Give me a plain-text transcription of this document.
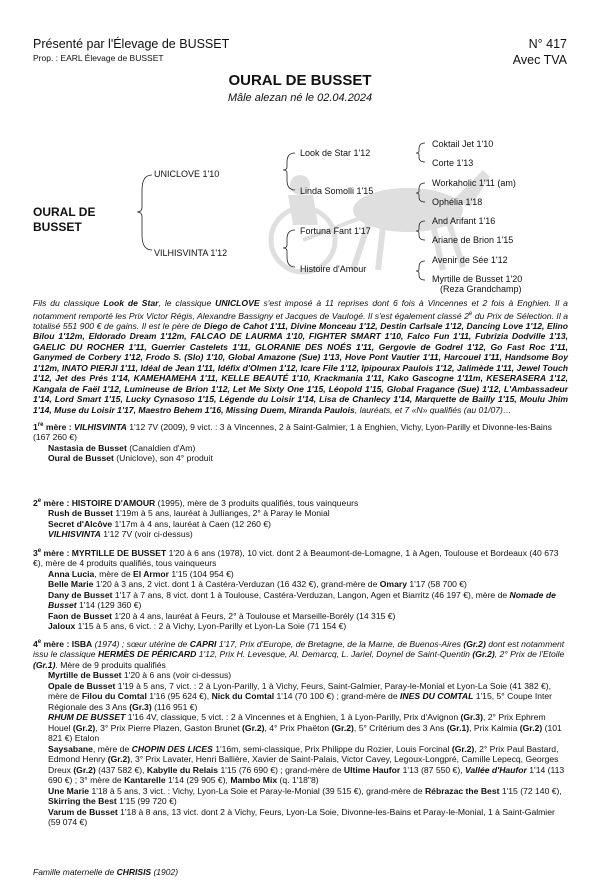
Présenté par l'Élevage de BUSSET
Prop. : EARL Élevage de BUSSET
N° 417
Avec TVA
OURAL DE BUSSET
Mâle alezan né le 02.04.2024
OURAL DE
BUSSET
UNICLOVE 1'10
VILHISVINTA 1'12
Look de Star 1'12
Linda Somolli 1'15
Fortuna Fant 1'17
Histoire d'Amour
Coktail Jet 1'10
Corte 1'13
Workaholic 1'11 (am)
Ophélia 1'18
And Arifant 1'16
Ariane de Brion 1'15
Avenir de Sée 1'12
Myrtille de Busset 1'20
(Reza Grandchamp)
Fils du classique Look de Star, le classique UNICLOVE s'est imposé à 11 reprises dont 6 fois à Vincennes et 2 fois à Enghien. Il a notamment remporté les Prix Victor Régis, Alexandre Bassigny et Jacques de Vaulogé. Il s'est également classé 2e du Prix de Sélection. Il a totalisé 551 900 € de gains. Il est le père de Diego de Cahot 1'11, Divine Monceau 1'12, Destin Carlsale 1'12, Dancing Love 1'12, Elino Bilou 1'12m, Eldorado Dream 1'12m, FALCAO DE LAURMA 1'10, FIGHTER SMART 1'10, Falco Fun 1'11, Fubrizia Dodville 1'13, GAELIC DU ROCHER 1'11, Guerrier Castelets 1'11, GLORANIE DES NOÉS 1'11, Gergovie de Godrel 1'12, Go Fast Roc 1'11, Ganymed de Corbery 1'12, Frodo S. (Slo) 1'10, Global Amazone (Sue) 1'13, Hove Pont Vautier 1'11, Harcouel 1'11, Handsome Boy 1'12m, INATO PIERJI 1'11, Idéal de Jean 1'11, Idéfix d'Olmen 1'12, Icare File 1'12, Ipipourax Paulois 1'12, Jalimède 1'11, Jewel Touch 1'12, Jet des Prés 1'14, KAMEHAMEHA 1'11, KELLE BEAUTÉ 1'10, Krackmania 1'11, Kako Gascogne 1'11m, KESERASERA 1'12, Kangala de Faël 1'12, Lumineuse de Brion 1'12, Let Me Sixty One 1'15, Léopold 1'15, Global Fragance (Sue) 1'12, L'Ambassadeur 1'14, Lord Smart 1'15, Lucky Cynasoso 1'15, Légende du Loisir 1'14, Lisa de Chanlecy 1'14, Marquette de Bailly 1'15, Moulu Jhim 1'14, Muse du Loisir 1'17, Maestro Behem 1'16, Missing Duem, Miranda Paulois, lauréats, et 7 «N» qualifiés (au 01/07)…
1re mère : VILHISVINTA 1'12 7V (2009), 9 vict. : 3 à Vincennes, 2 à Saint-Galmier, 1 à Enghien, Vichy, Lyon-Parilly et Divonne-les-Bains (167 260 €)
Nastasia de Busset (Canaldien d'Am)
Oural de Busset (Uniclove), son 4° produit
2e mère : HISTOIRE D'AMOUR (1995), mère de 3 produits qualifiés, tous vainqueurs
Rush de Busset 1'19m à 5 ans, lauréat à Jullianges, 2° à Paray le Monial
Secret d'Alcôve 1'17m à 4 ans, lauréat à Caen (12 260 €)
VILHISVINTA 1'12 7V (voir ci-dessus)
3e mère : MYRTILLE DE BUSSET 1'20 à 6 ans (1978), 10 vict. dont 2 à Beaumont-de-Lomagne, 1 à Agen, Toulouse et Bordeaux (40 673 €), mère de 4 produits qualifiés, tous vainqueurs
Anna Lucia, mère de El Armor 1'15 (104 954 €)
Belle Marie 1'20 à 3 ans, 2 vict. dont 1 à Castéra-Verduzan (16 432 €), grand-mère de Omary 1'17 (58 700 €)
Dany de Busset 1'17 à 7 ans, 8 vict. dont 1 à Toulouse, Castéra-Verduzan, Langon, Agen et Biarritz (46 197 €), mère de Nomade de Busset 1'14 (129 360 €)
Faon de Busset 1'20 à 4 ans, lauréat à Feurs, 2° à Toulouse et Marseille-Borély (14 315 €)
Jaloux 1'15 à 5 ans, 6 vict. : 2 à Vichy, Lyon-Parilly et Lyon-La Soie (71 154 €)
4e mère : ISBA (1974) ; sœur utérine de CAPRI 1'17, Prix d'Europe, de Bretagne, de la Marne, de Buenos-Aires (Gr.2) dont est notamment issu le classique HERMÈS DE PÉRICARD 1'12, Prix H. Levesque, Al. Demarcq, L. Jariel, Doynel de Saint-Quentin (Gr.2), 2° Prix de l'Etoile (Gr.1). Mère de 9 produits qualifiés
Myrtille de Busset 1'20 à 6 ans (voir ci-dessus)
Opale de Busset 1'19 à 5 ans, 7 vict. : 2 à Lyon-Parilly, 1 à Vichy, Feurs, Saint-Galmier, Paray-le-Monial et Lyon-La Soie (41 382 €), mère de Filou du Comtal 1'16 (95 624 €), Nick du Comtal 1'14 (70 100 €) ; grand-mère de INES DU COMTAL 1'15, 5° Coupe Inter Régionale des 3 Ans (Gr.3) (116 951 €)
RHUM DE BUSSET 1'16 4V, classique, 5 vict. : 2 à Vincennes et à Enghien, 1 à Lyon-Parilly, Prix d'Avignon (Gr.3), 2° Prix Ephrem Houel (Gr.2), 3° Prix Pierre Plazen, Gaston Brunet (Gr.2), 4° Prix Phaëton (Gr.2), 5° Critérium des 3 Ans (Gr.1), Prix Kalmia (Gr.2) (101 821 €) Etalon
Saysabane, mère de CHOPIN DES LICES 1'16m, semi-classique, Prix Philippe du Rozier, Louis Forcinal (Gr.2), 2° Prix Paul Bastard, Edmond Henry (Gr.2), 3° Prix Lavater, Henri Ballière, Xavier de Saint-Palais, Victor Cavey, Legoux-Longpré, Camille Lepecq, Georges Dreux (Gr.2) (437 582 €), Kabylle du Relais 1'15 (76 690 €) ; grand-mère de Ultime Haufor 1'13 (87 550 €), Vallée d'Haufor 1'14 (113 690 €) ; 3° mère de Kantarelle 1'14 (29 905 €), Mambo Mix (q. 1'18"8)
Une Marie 1'18 à 5 ans, 3 vict. : Vichy, Lyon-La Soie et Paray-le-Monial (39 515 €), grand-mère de Rébrazac the Best 1'15 (72 140 €), Skirring the Best 1'15 (99 720 €)
Varum de Busset 1'18 à 8 ans, 13 vict. dont 2 à Vichy, Feurs, Lyon-La Soie, Divonne-les-Bains et Paray-le-Monial, 1 à Saint-Galmier (59 074 €)
Famille maternelle de CHRISIS (1902)
